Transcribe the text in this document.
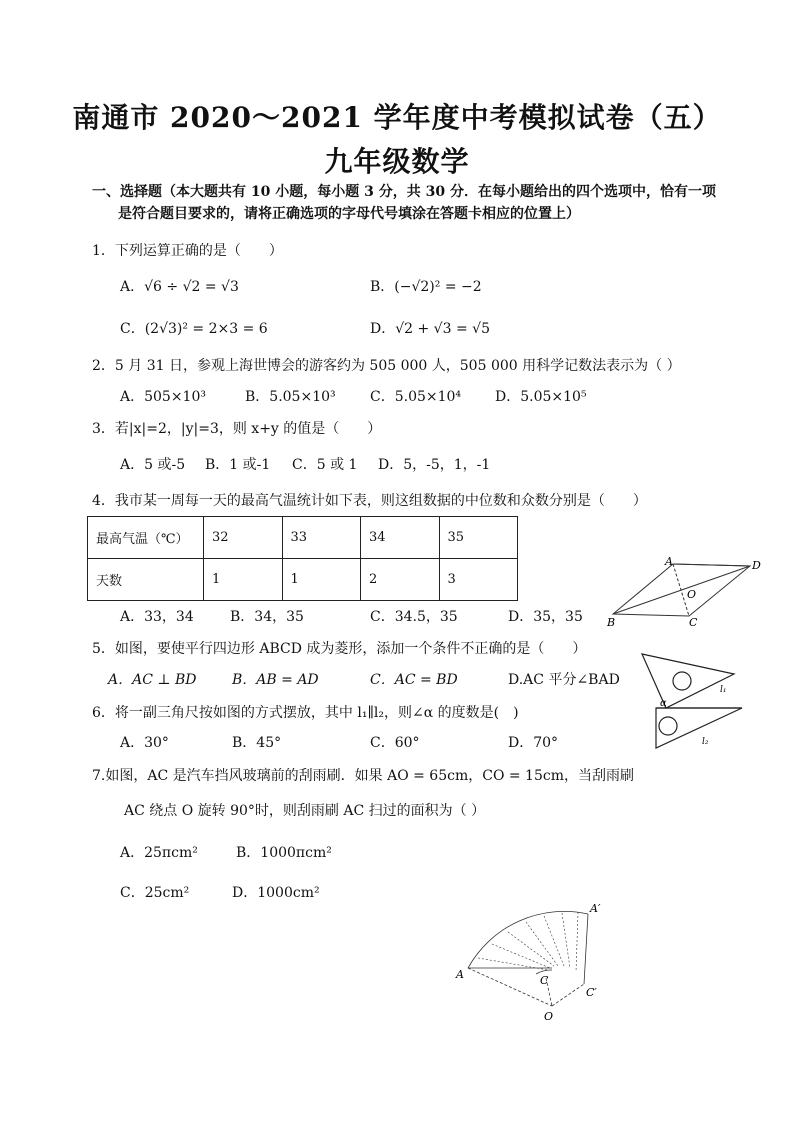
南通市 2020～2021 学年度中考模拟试卷（五）
九年级数学
一、选择题（本大题共有 10 小题，每小题 3 分，共 30 分．在每小题给出的四个选项中，恰有一项
是符合题目要求的，请将正确选项的字母代号填涂在答题卡相应的位置上）
1．下列运算正确的是（　　）
A．√6 ÷ √2 = √3	B．(−√2)² = −2
C．(2√3)² = 2×3 = 6	D．√2 + √3 = √5
2．5 月 31 日，参观上海世博会的游客约为 505 000 人，505 000 用科学记数法表示为（ ）
A．505×10³	B．5.05×10³ C．5.05×10⁴ D．5.05×10⁵
3．若|x|=2，|y|=3，则 x+y 的值是（　　）
A．5 或-5 B．1 或-1 C．5 或 1 D．5，-5，1，-1
4．我市某一周每一天的最高气温统计如下表，则这组数据的中位数和众数分别是（　　）
最高气温（℃）	32	33	34	35
天数	1	1	2	3
A．33，34	B．34，35	C．34.5，35	D．35，35
5．如图，要使平行四边形 ABCD 成为菱形，添加一个条件不正确的是（　　）
A．AC ⊥ BD	B．AB = AD	C．AC = BD	D.AC 平分∠BAD
6．将一副三角尺按如图的方式摆放，其中 l₁∥l₂，则∠α 的度数是(　)
A．30°	B．45°	C．60°	D．70°
7.如图，AC 是汽车挡风玻璃前的刮雨刷．如果 AO = 65cm，CO = 15cm，当刮雨刷
AC 绕点 O 旋转 90°时，则刮雨刷 AC 扫过的面积为（ ）
A．25πcm²	B．1000πcm²
C．25cm²	D．1000cm²
A	D
B	C
O
α
l₁
l₂
A
A′
C
C′
O
